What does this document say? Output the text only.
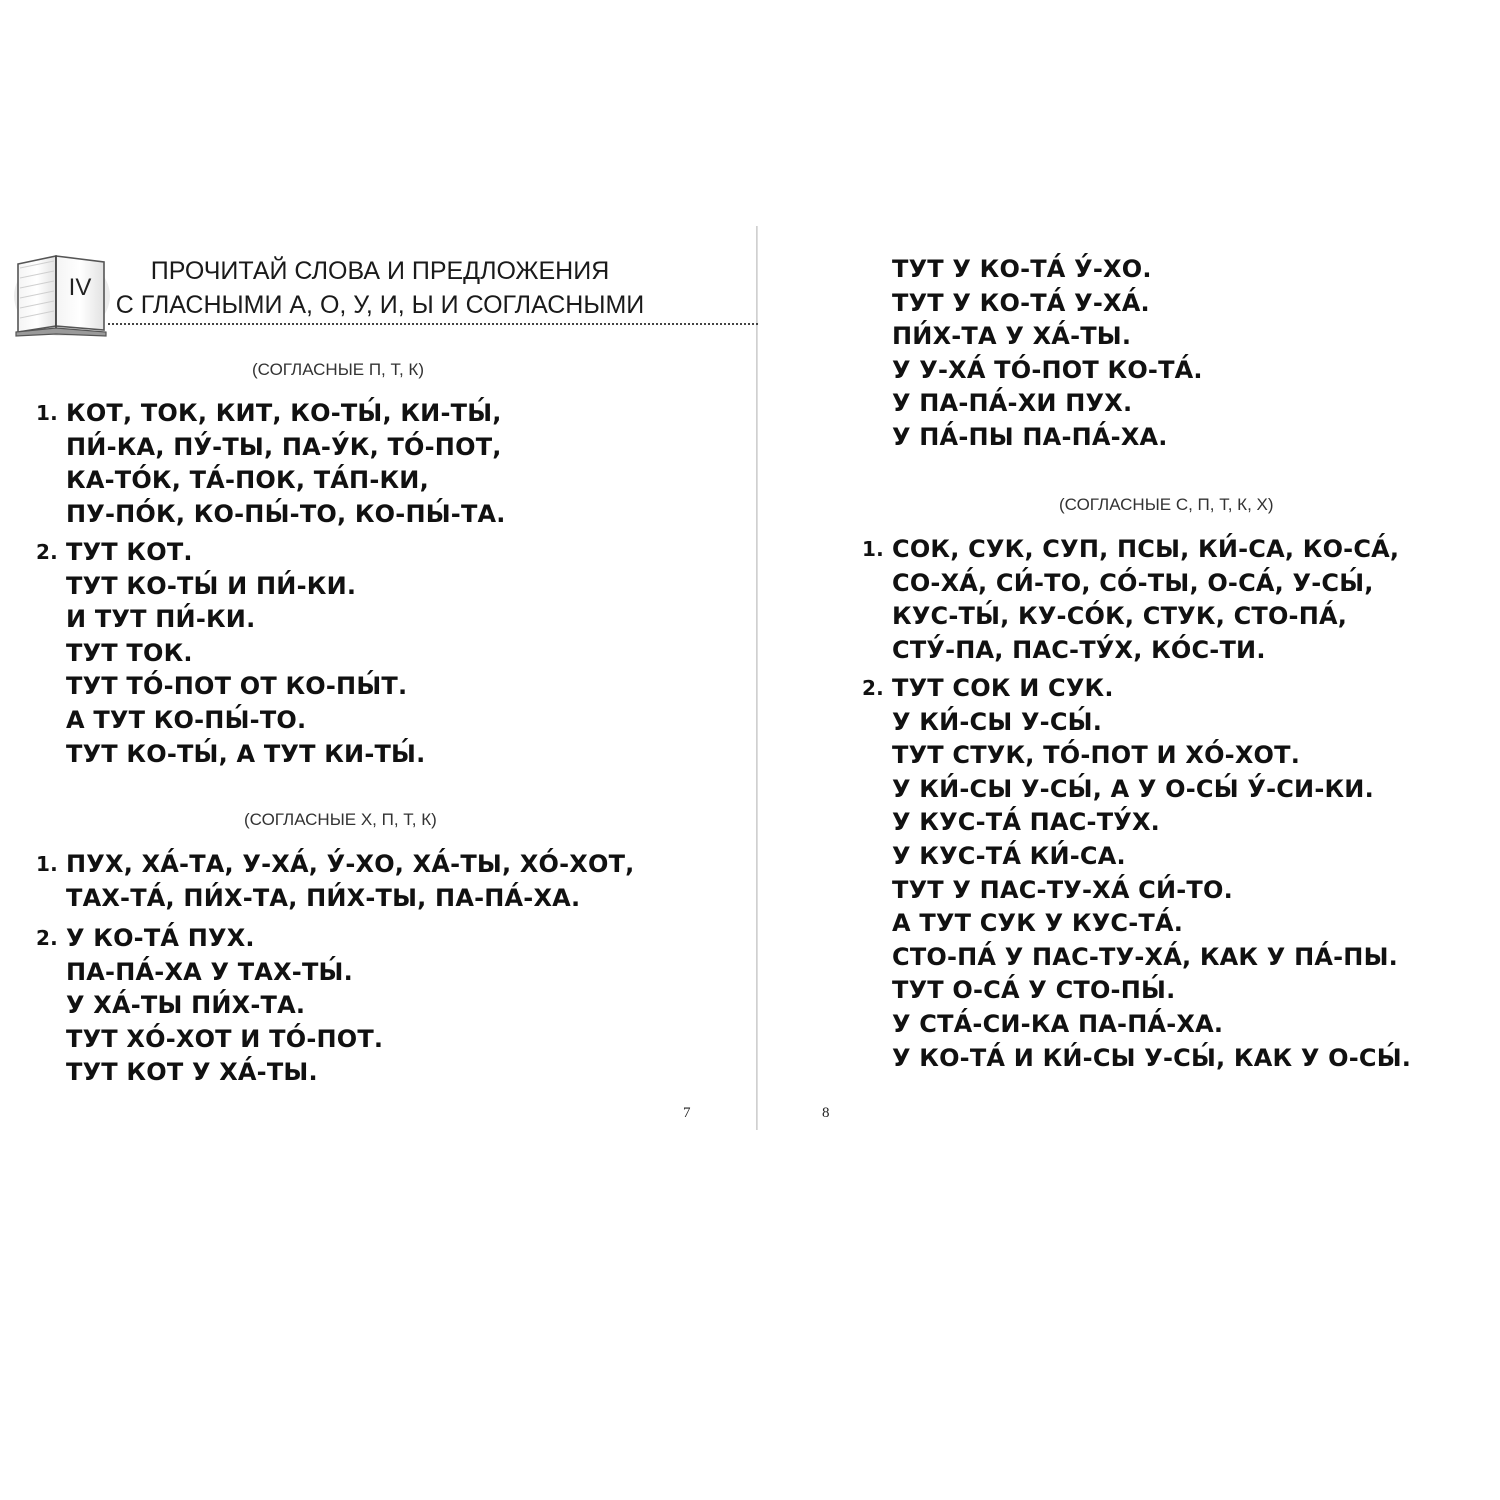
IV
ПРОЧИТАЙ СЛОВА И ПРЕДЛОЖЕНИЯ
С ГЛАСНЫМИ А, О, У, И, Ы И СОГЛАСНЫМИ
(СОГЛАСНЫЕ П, Т, К)
1. КОТ, ТОК, КИТ, КО-ТЫ́, КИ-ТЫ́,
ПИ́-КА, ПУ́-ТЫ, ПА-У́К, ТО́-ПОТ,
КА-ТО́К, ТА́-ПОК, ТА́П-КИ,
ПУ-ПО́К, КО-ПЫ́-ТО, КО-ПЫ́-ТА.
2. ТУТ КОТ.
ТУТ КО-ТЫ́ И ПИ́-КИ.
И ТУТ ПИ́-КИ.
ТУТ ТОК.
ТУТ ТО́-ПОТ ОТ КО-ПЫ́Т.
А ТУТ КО-ПЫ́-ТО.
ТУТ КО-ТЫ́, А ТУТ КИ-ТЫ́.
(СОГЛАСНЫЕ Х, П, Т, К)
1. ПУХ, ХА́-ТА, У-ХА́, У́-ХО, ХА́-ТЫ, ХО́-ХОТ,
ТАХ-ТА́, ПИ́Х-ТА, ПИ́Х-ТЫ, ПА-ПА́-ХА.
2. У КО-ТА́ ПУХ.
ПА-ПА́-ХА У ТАХ-ТЫ́.
У ХА́-ТЫ ПИ́Х-ТА.
ТУТ ХО́-ХОТ И ТО́-ПОТ.
ТУТ КОТ У ХА́-ТЫ.
7
ТУТ У КО-ТА́ У́-ХО.
ТУТ У КО-ТА́ У-ХА́.
ПИ́Х-ТА У ХА́-ТЫ.
У У-ХА́ ТО́-ПОТ КО-ТА́.
У ПА-ПА́-ХИ ПУХ.
У ПА́-ПЫ ПА-ПА́-ХА.
(СОГЛАСНЫЕ С, П, Т, К, Х)
1. СОК, СУК, СУП, ПСЫ, КИ́-СА, КО-СА́,
СО-ХА́, СИ́-ТО, СО́-ТЫ, О-СА́, У-СЫ́,
КУС-ТЫ́, КУ-СО́К, СТУК, СТО-ПА́,
СТУ́-ПА, ПАС-ТУ́Х, КО́С-ТИ.
2. ТУТ СОК И СУК.
У КИ́-СЫ У-СЫ́.
ТУТ СТУК, ТО́-ПОТ И ХО́-ХОТ.
У КИ́-СЫ У-СЫ́, А У О-СЫ́ У́-СИ-КИ.
У КУС-ТА́ ПАС-ТУ́Х.
У КУС-ТА́ КИ́-СА.
ТУТ У ПАС-ТУ-ХА́ СИ́-ТО.
А ТУТ СУК У КУС-ТА́.
СТО-ПА́ У ПАС-ТУ-ХА́, КАК У ПА́-ПЫ.
ТУТ О-СА́ У СТО-ПЫ́.
У СТА́-СИ-КА ПА-ПА́-ХА.
У КО-ТА́ И КИ́-СЫ У-СЫ́, КАК У О-СЫ́.
8
